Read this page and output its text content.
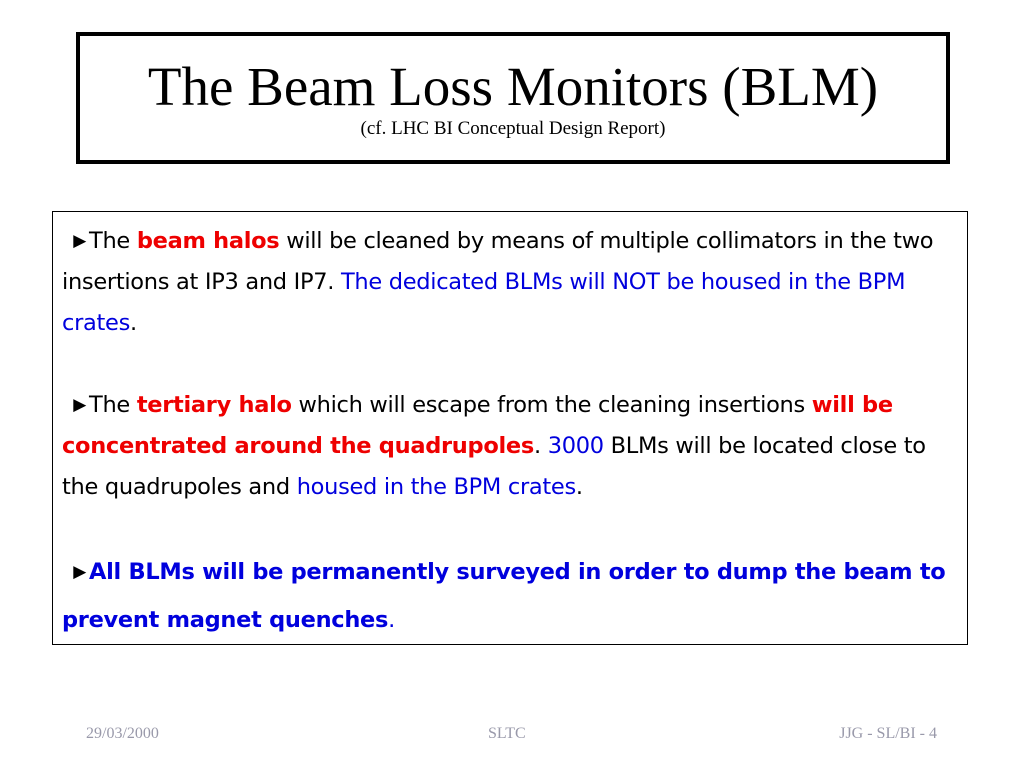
The Beam Loss Monitors (BLM)
(cf. LHC BI Conceptual Design Report)
▶ The beam halos will be cleaned by means of multiple collimators in the two insertions at IP3 and IP7. The dedicated BLMs will NOT be housed in the BPM crates.
▶ The tertiary halo which will escape from the cleaning insertions will be concentrated around the quadrupoles. 3000 BLMs will be located close to the quadrupoles and housed in the BPM crates.
▶ All BLMs will be permanently surveyed in order to dump the beam to prevent magnet quenches.
29/03/2000	SLTC	JJG - SL/BI - 4
